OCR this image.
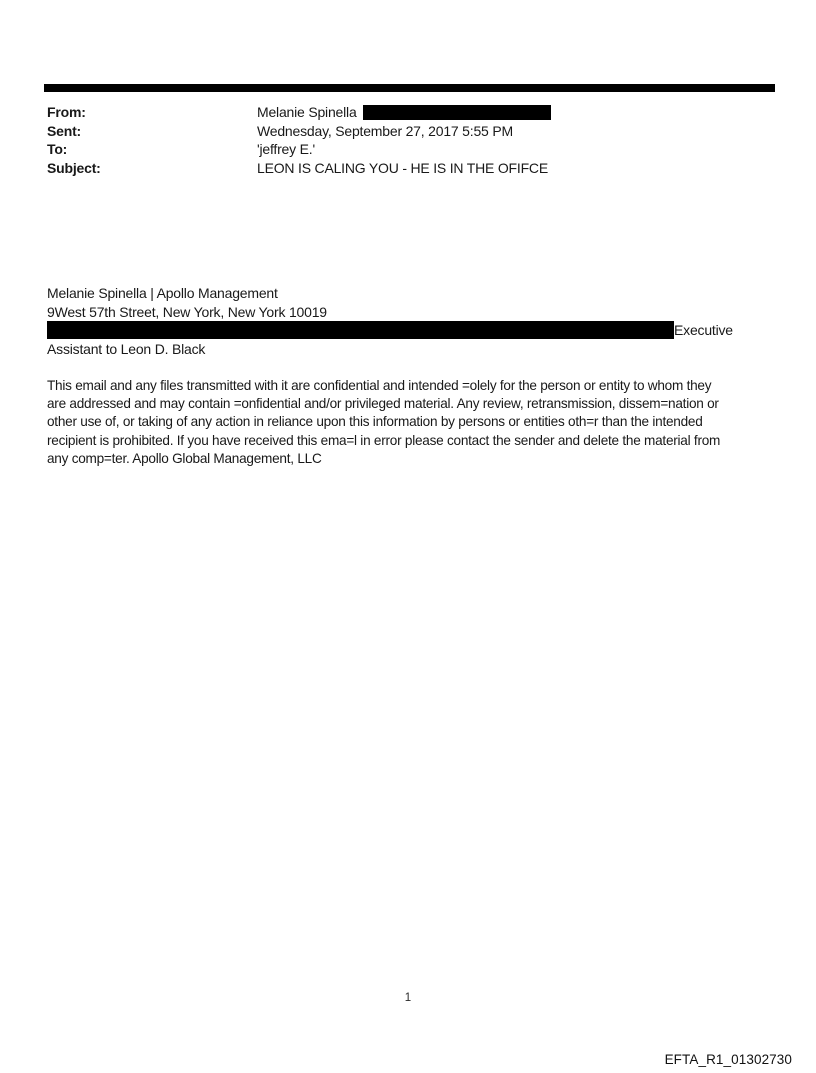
From:	Melanie Spinella
Sent:	Wednesday, September 27, 2017 5:55 PM
To:	'jeffrey E.'
Subject:	LEON IS CALING YOU - HE IS IN THE OFIFCE
Melanie Spinella | Apollo Management
9West 57th Street, New York, New York 10019
Executive
Assistant to Leon D. Black
This email and any files transmitted with it are confidential and intended =olely for the person or entity to whom they
are addressed and may contain =onfidential and/or privileged material. Any review, retransmission, dissem=nation or
other use of, or taking of any action in reliance upon this information by persons or entities oth=r than the intended
recipient is prohibited. If you have received this ema=l in error please contact the sender and delete the material from
any comp=ter. Apollo Global Management, LLC
1
EFTA_R1_01302730
